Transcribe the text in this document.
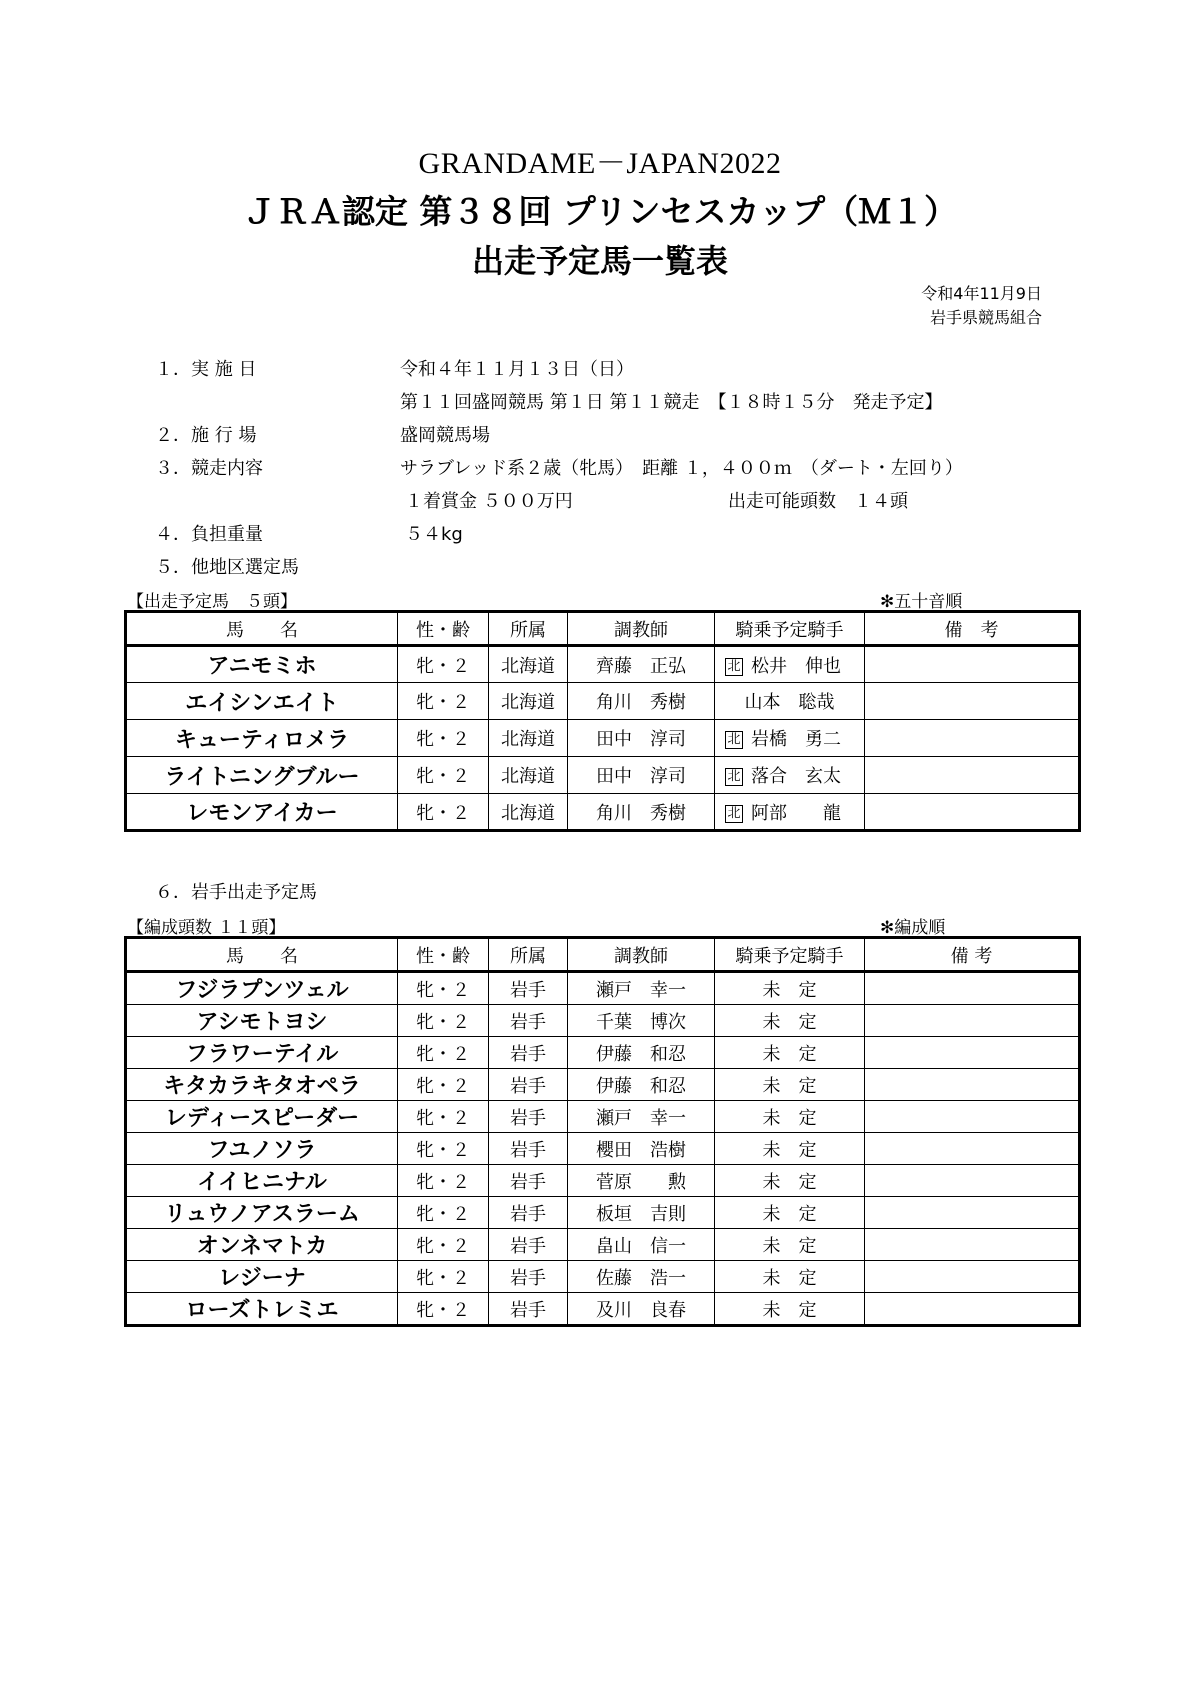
GRANDAME－JAPAN2022
ＪＲＡ認定 第３８回 プリンセスカップ（Ｍ１）
出走予定馬一覧表
令和4年11月9日
岩手県競馬組合
１．実 施 日	令和４年１１月１３日（日）
第１１回盛岡競馬 第１日 第１１競走　【１８時１５分　発走予定】
２．施 行 場	盛岡競馬場
３．競走内容	サラブレッド系２歳（牝馬）　距離 １，４００ｍ　（ダート・左回り）
１着賞金 ５００万円	出走可能頭数　１４頭
４．負担重量	５４kg
５．他地区選定馬
【出走予定馬　５頭】	✻五十音順
馬　　名	性・齢	所属	調教師	騎乗予定騎手	備　考
アニモミホ	牝・２	北海道	齊藤　正弘	北 松井　伸也	
エイシンエイト	牝・２	北海道	角川　秀樹	山本　聡哉	
キューティロメラ	牝・２	北海道	田中　淳司	北 岩橋　勇二	
ライトニングブルー	牝・２	北海道	田中　淳司	北 落合　玄太	
レモンアイカー	牝・２	北海道	角川　秀樹	北 阿部　　龍	
６．岩手出走予定馬
【編成頭数 １１頭】	✻編成順
馬　　名	性・齢	所属	調教師	騎乗予定騎手	備 考
フジラプンツェル	牝・２	岩手	瀬戸　幸一	未　定	
アシモトヨシ	牝・２	岩手	千葉　博次	未　定	
フラワーテイル	牝・２	岩手	伊藤　和忍	未　定	
キタカラキタオペラ	牝・２	岩手	伊藤　和忍	未　定	
レディースピーダー	牝・２	岩手	瀬戸　幸一	未　定	
フユノソラ	牝・２	岩手	櫻田　浩樹	未　定	
イイヒニナル	牝・２	岩手	菅原　　勲	未　定	
リュウノアスラーム	牝・２	岩手	板垣　吉則	未　定	
オンネマトカ	牝・２	岩手	畠山　信一	未　定	
レジーナ	牝・２	岩手	佐藤　浩一	未　定	
ローズトレミエ	牝・２	岩手	及川　良春	未　定	
